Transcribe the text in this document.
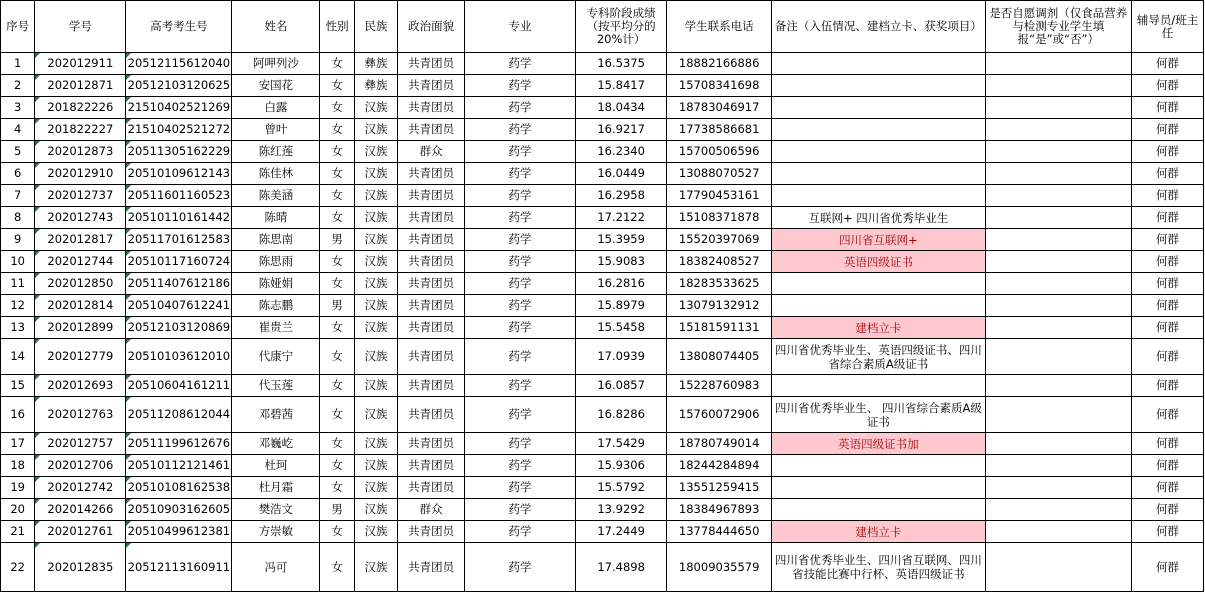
序号	学号	高考考生号	姓名	性别	民族	政治面貌	专业	专科阶段成绩（按平均分的20%计）	学生联系电话	备注（入伍情况、建档立卡、获奖项目）	是否自愿调剂（仅食品营养与检测专业学生填报“是”或“否”）	辅导员/班主任
1	202012911	20512115612040	阿呷列沙	女	彝族	共青团员	药学	16.5375	18882166886			何群
2	202012871	20512103120625	安国花	女	彝族	共青团员	药学	15.8417	15708341698			何群
3	201822226	21510402521269	白露	女	汉族	共青团员	药学	18.0434	18783046917			何群
4	201822227	21510402521272	曾叶	女	汉族	共青团员	药学	16.9217	17738586681			何群
5	202012873	20511305162229	陈红莲	女	汉族	群众	药学	16.2340	15700506596			何群
6	202012910	20510109612143	陈佳林	女	汉族	共青团员	药学	16.0449	13088070527			何群
7	202012737	20511601160523	陈美涵	女	汉族	共青团员	药学	16.2958	17790453161			何群
8	202012743	20510110161442	陈晴	女	汉族	共青团员	药学	17.2122	15108371878	互联网+ 四川省优秀毕业生		何群
9	202012817	20511701612583	陈思南	男	汉族	共青团员	药学	15.3959	15520397069	四川省互联网+		何群
10	202012744	20510117160724	陈思雨	女	汉族	共青团员	药学	15.9083	18382408527	英语四级证书		何群
11	202012850	20511407612186	陈娅娟	女	汉族	共青团员	药学	16.2816	18283533625			何群
12	202012814	20510407612241	陈志鹏	男	汉族	共青团员	药学	15.8979	13079132912			何群
13	202012899	20512103120869	崔贵兰	女	汉族	共青团员	药学	15.5458	15181591131	建档立卡		何群
14	202012779	20510103612010	代康宁	女	汉族	共青团员	药学	17.0939	13808074405	四川省优秀毕业生、英语四级证书、四川省综合素质A级证书		何群
15	202012693	20510604161211	代玉莲	女	汉族	共青团员	药学	16.0857	15228760983			何群
16	202012763	20511208612044	邓碧茜	女	汉族	共青团员	药学	16.8286	15760072906	四川省优秀毕业生、 四川省综合素质A级证书		何群
17	202012757	20511199612676	邓巍屹	女	汉族	共青团员	药学	17.5429	18780749014	英语四级证书加		何群
18	202012706	20510112121461	杜珂	女	汉族	共青团员	药学	15.9306	18244284894			何群
19	202012742	20510108162538	杜月霜	女	汉族	共青团员	药学	15.5792	13551259415			何群
20	202014266	20510903162605	樊浩文	男	汉族	群众	药学	13.9292	18384967893			何群
21	202012761	20510499612381	方崇敏	女	汉族	共青团员	药学	17.2449	13778444650	建档立卡		何群
22	202012835	20512113160911	冯可	女	汉族	共青团员	药学	17.4898	18009035579	四川省优秀毕业生、四川省互联网、四川省技能比赛中行杯、英语四级证书		何群
